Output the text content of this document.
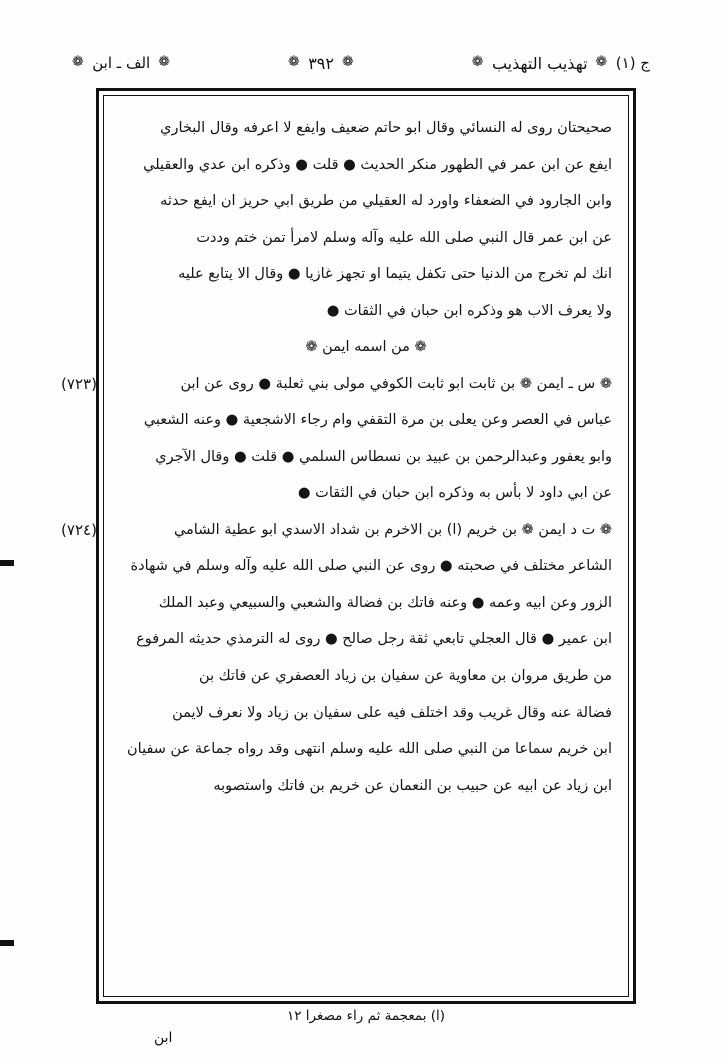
ج (١)
❁
تهذيب التهذيب
❁
❁
٣٩٢
❁
❁
الف ـ ابن
❁
صحيحتان روى له النسائي وقال ابو حاتم ضعيف وايفع لا اعرفه وقال البخاري
ايفع عن ابن عمر في الطهور منكر الحديث ● قلت ● وذكره ابن عدي والعقيلي
وابن الجارود في الضعفاء واورد له العقيلي من طريق ابي حريز ان ايفع حدثه
عن ابن عمر قال النبي صلى الله عليه وآله وسلم لامرأ تمن ختم وددت
انك لم تخرج من الدنيا حتى تكفل يتيما او تجهز غازيا ● وقال الا يتابع عليه
ولا يعرف الاب هو وذكره ابن حبان في الثقات ●
❁ من اسمه ايمن ❁
(٧٢٣)	❁ س ـ ايمن ❁ بن ثابت ابو ثابت الكوفي مولى بني ثعلبة ● روى عن ابن
عباس في العصر وعن يعلى بن مرة التقفي وام رجاء الاشجعية ● وعنه الشعبي
وابو يعفور وعبدالرحمن بن عبيد بن نسطاس السلمي ● قلت ● وقال الآجري
عن ابي داود لا بأس به وذكره ابن حبان في الثقات ●
(٧٢٤)	❁ ت د ايمن ❁ بن خريم (ا) بن الاخرم بن شداد الاسدي ابو عطية الشامي
الشاعر مختلف في صحبته ● روى عن النبي صلى الله عليه وآله وسلم في شهادة
الزور وعن ابيه وعمه ● وعنه فاتك بن فضالة والشعبي والسبيعي وعبد الملك
ابن عمير ● قال العجلي تابعي ثقة رجل صالح ● روى له الترمذي حديثه المرفوع
من طريق مروان بن معاوية عن سفيان بن زياد العصفري عن فاتك بن
فضالة عنه وقال غريب وقد اختلف فيه على سفيان بن زياد ولا نعرف لايمن
ابن خريم سماعا من النبي صلى الله عليه وسلم انتهى وقد رواه جماعة عن سفيان
ابن زياد عن ابيه عن حبيب بن النعمان عن خريم بن فاتك واستصوبه
(ا) بمعجمة ثم راء مصغرا ١٢
ابن
